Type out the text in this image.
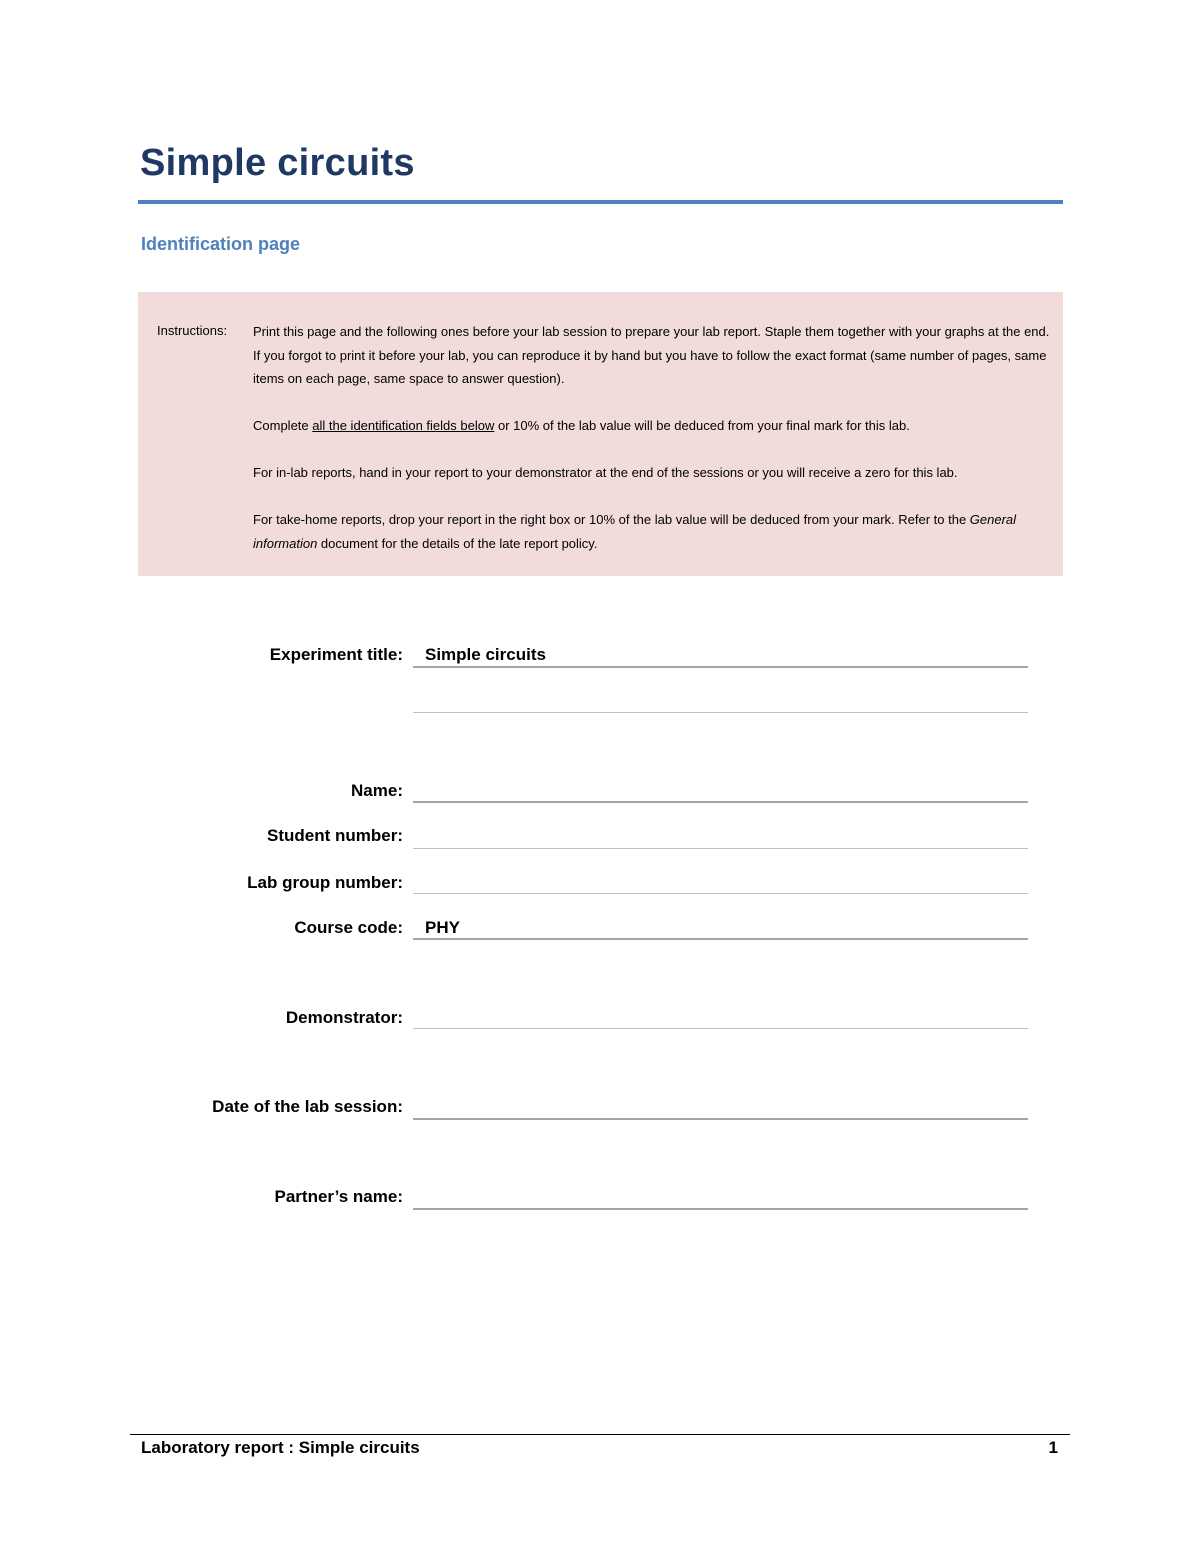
Simple circuits
Identification page
Instructions: Print this page and the following ones before your lab session to prepare your lab report. Staple them together with your graphs at the end. If you forgot to print it before your lab, you can reproduce it by hand but you have to follow the exact format (same number of pages, same items on each page, same space to answer question).

Complete all the identification fields below or 10% of the lab value will be deduced from your final mark for this lab.

For in-lab reports, hand in your report to your demonstrator at the end of the sessions or you will receive a zero for this lab.

For take-home reports, drop your report in the right box or 10% of the lab value will be deduced from your mark. Refer to the General information document for the details of the late report policy.

Experiment title: Simple circuits
Name:
Student number:
Lab group number:
Course code: PHY
Demonstrator:
Date of the lab session:
Partner’s name:
Laboratory report : Simple circuits	1
